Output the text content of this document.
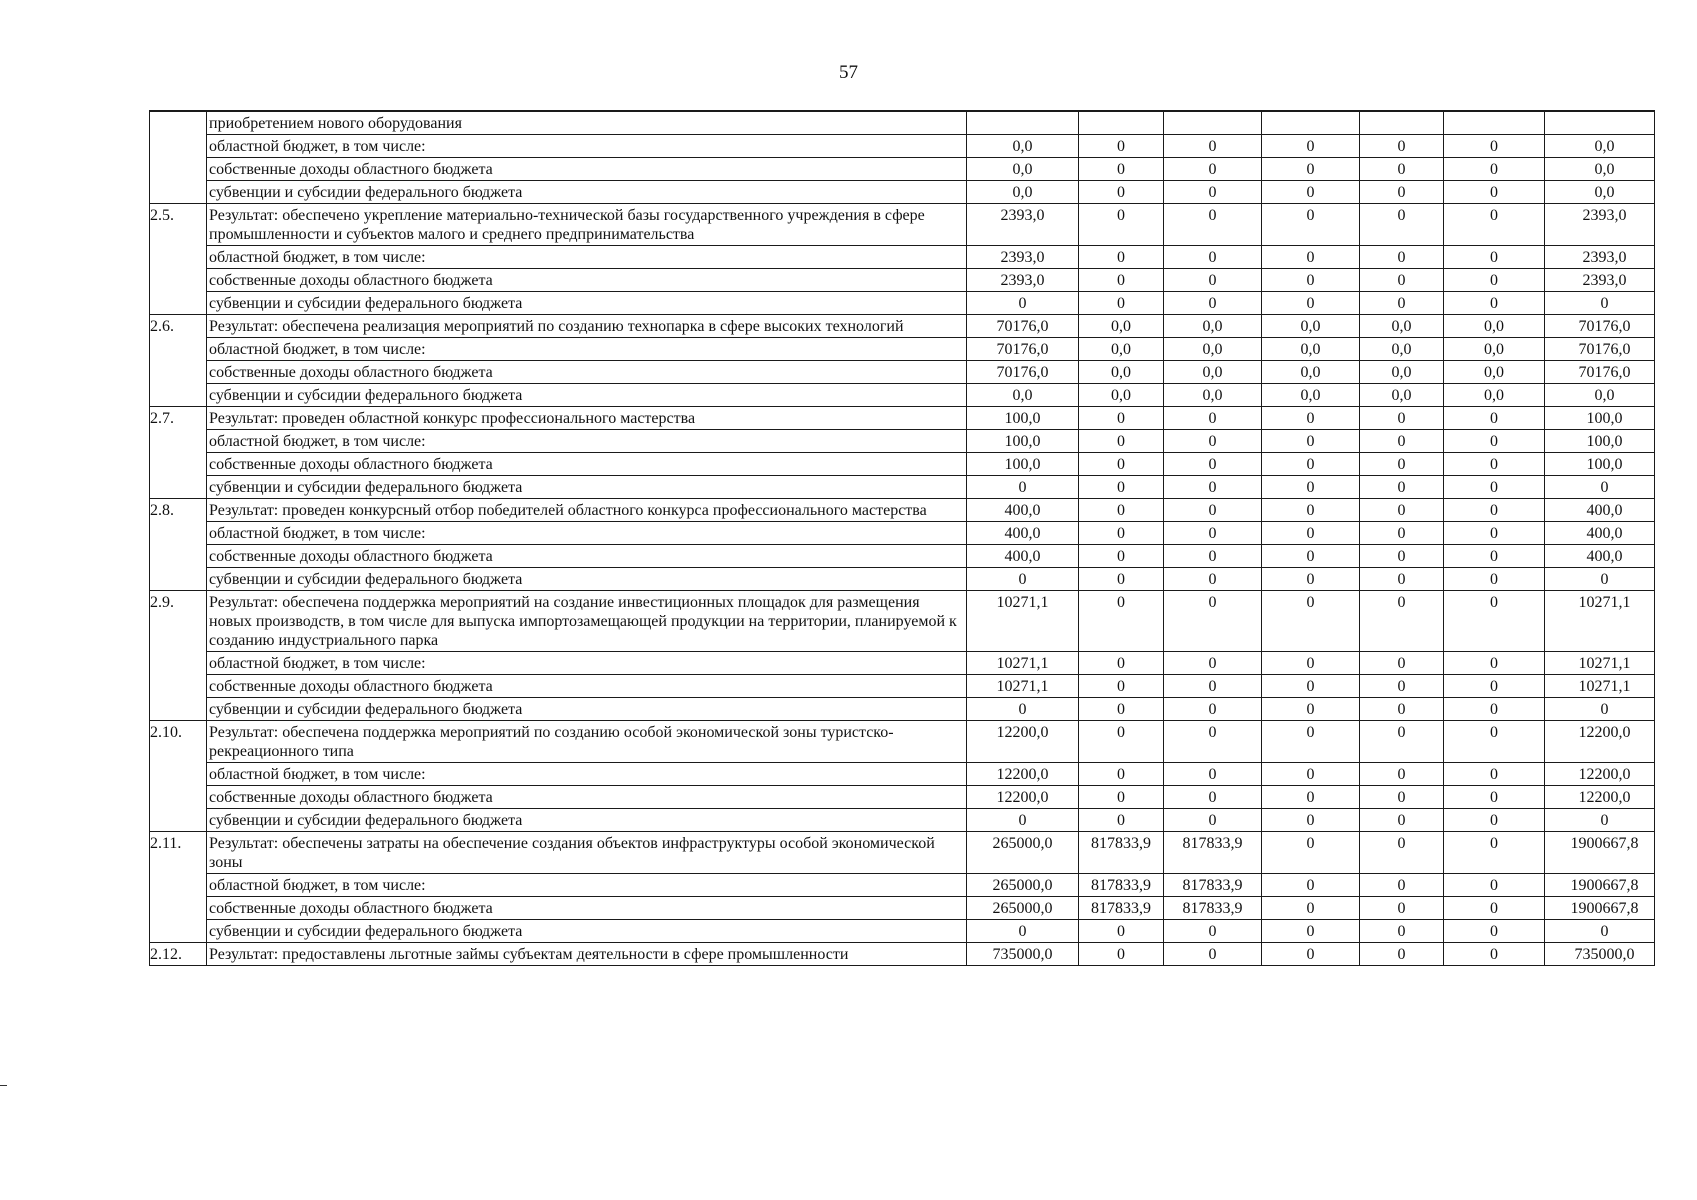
57
	приобретением нового оборудования							
	областной бюджет, в том числе:	0,0	0	0	0	0	0	0,0
	собственные доходы областного бюджета	0,0	0	0	0	0	0	0,0
	субвенции и субсидии федерального бюджета	0,0	0	0	0	0	0	0,0
2.5.	Результат: обеспечено укрепление материально-технической базы государственного учреждения в сфере промышленности и субъектов малого и среднего предпринимательства	2393,0	0	0	0	0	0	2393,0
	областной бюджет, в том числе:	2393,0	0	0	0	0	0	2393,0
	собственные доходы областного бюджета	2393,0	0	0	0	0	0	2393,0
	субвенции и субсидии федерального бюджета	0	0	0	0	0	0	0
2.6.	Результат: обеспечена реализация мероприятий по созданию технопарка в сфере высоких технологий	70176,0	0,0	0,0	0,0	0,0	0,0	70176,0
	областной бюджет, в том числе:	70176,0	0,0	0,0	0,0	0,0	0,0	70176,0
	собственные доходы областного бюджета	70176,0	0,0	0,0	0,0	0,0	0,0	70176,0
	субвенции и субсидии федерального бюджета	0,0	0,0	0,0	0,0	0,0	0,0	0,0
2.7.	Результат: проведен областной конкурс профессионального мастерства	100,0	0	0	0	0	0	100,0
	областной бюджет, в том числе:	100,0	0	0	0	0	0	100,0
	собственные доходы областного бюджета	100,0	0	0	0	0	0	100,0
	субвенции и субсидии федерального бюджета	0	0	0	0	0	0	0
2.8.	Результат: проведен конкурсный отбор победителей областного конкурса профессионального мастерства	400,0	0	0	0	0	0	400,0
	областной бюджет, в том числе:	400,0	0	0	0	0	0	400,0
	собственные доходы областного бюджета	400,0	0	0	0	0	0	400,0
	субвенции и субсидии федерального бюджета	0	0	0	0	0	0	0
2.9.	Результат: обеспечена поддержка мероприятий на создание инвестиционных площадок для размещения новых производств, в том числе для выпуска импортозамещающей продукции на территории, планируемой к созданию индустриального парка	10271,1	0	0	0	0	0	10271,1
	областной бюджет, в том числе:	10271,1	0	0	0	0	0	10271,1
	собственные доходы областного бюджета	10271,1	0	0	0	0	0	10271,1
	субвенции и субсидии федерального бюджета	0	0	0	0	0	0	0
2.10.	Результат: обеспечена поддержка мероприятий по созданию особой экономической зоны туристско-рекреационного типа	12200,0	0	0	0	0	0	12200,0
	областной бюджет, в том числе:	12200,0	0	0	0	0	0	12200,0
	собственные доходы областного бюджета	12200,0	0	0	0	0	0	12200,0
	субвенции и субсидии федерального бюджета	0	0	0	0	0	0	0
2.11.	Результат: обеспечены затраты на обеспечение создания объектов инфраструктуры особой экономической зоны	265000,0	817833,9	817833,9	0	0	0	1900667,8
	областной бюджет, в том числе:	265000,0	817833,9	817833,9	0	0	0	1900667,8
	собственные доходы областного бюджета	265000,0	817833,9	817833,9	0	0	0	1900667,8
	субвенции и субсидии федерального бюджета	0	0	0	0	0	0	0
2.12.	Результат: предоставлены льготные займы субъектам деятельности в сфере промышленности	735000,0	0	0	0	0	0	735000,0
